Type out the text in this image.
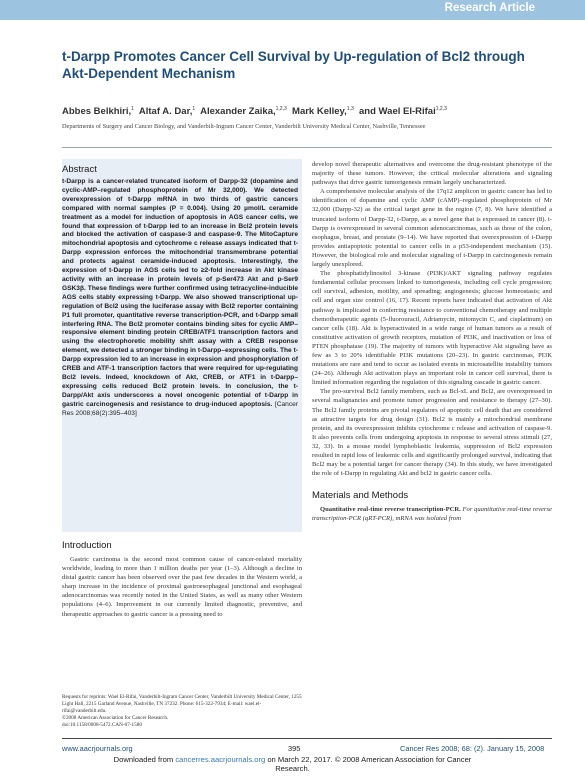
Research Article
t-Darpp Promotes Cancer Cell Survival by Up-regulation of Bcl2 through Akt-Dependent Mechanism
Abbes Belkhiri,$^1$ Altaf A. Dar,$^1$ Alexander Zaika,$^{1,2,3}$ Mark Kelley,$^{1,3}$ and Wael El-Rifai$^{1,2,3}$
Departments of Surgery and Cancer Biology, and Vanderbilt-Ingram Cancer Center, Vanderbilt University Medical Center, Nashville, Tennessee
Abstract
t-Darpp is a cancer-related truncated isoform of Darpp-32 (dopamine and cyclic-AMP–regulated phosphoprotein of Mr 32,000). We detected overexpression of t-Darpp mRNA in two thirds of gastric cancers compared with normal samples (P = 0.004). Using 20 µmol/L ceramide treatment as a model for induction of apoptosis in AGS cancer cells, we found that expression of t-Darpp led to an increase in Bcl2 protein levels and blocked the activation of caspase-3 and caspase-9. The MitoCapture mitochondrial apoptosis and cytochrome c release assays indicated that t-Darpp expression enforces the mitochondrial transmembrane potential and protects against ceramide-induced apoptosis. Interestingly, the expression of t-Darpp in AGS cells led to ≥2-fold increase in Akt kinase activity with an increase in protein levels of p-Ser473 Akt and p-Ser9 GSK3β. These findings were further confirmed using tetracycline-inducible AGS cells stably expressing t-Darpp. We also showed transcriptional up-regulation of Bcl2 using the luciferase assay with Bcl2 reporter containing P1 full promoter, quantitative reverse transcription-PCR, and t-Darpp small interfering RNA. The Bcl2 promoter contains binding sites for cyclic AMP–responsive element binding protein CREB/ATF1 transcription factors and using the electrophoretic mobility shift assay with a CREB response element, we detected a stronger binding in t-Darpp–expressing cells. The t-Darpp expression led to an increase in expression and phosphorylation of CREB and ATF-1 transcription factors that were required for up-regulating Bcl2 levels. Indeed, knockdown of Akt, CREB, or ATF1 in t-Darpp–expressing cells reduced Bcl2 protein levels. In conclusion, the t-Darpp/Akt axis underscores a novel oncogenic potential of t-Darpp in gastric carcinogenesis and resistance to drug-induced apoptosis. [Cancer Res 2008;68(2):395–403]
Introduction

Gastric carcinoma is the second most common cause of cancer-related mortality worldwide, leading to more than 1 million deaths per year (1–3). Although a decline in distal gastric cancer has been observed over the past few decades in the Western world, a sharp increase in the incidence of proximal gastroesophageal junctional and esophageal adenocarcinomas was recently noted in the United States, as well as many other Western populations (4–6). Improvement in our currently limited diagnostic, preventive, and therapeutic approaches to gastric cancer is a pressing need to

Requests for reprints: Wael El-Rifai, Vanderbilt-Ingram Cancer Center, Vanderbilt University Medical Center, 1255 Light Hall, 2215 Garland Avenue, Nashville, TN 37232. Phone: 615-322-7934; E-mail: wael.el-rifai@vanderbilt.edu.
©2008 American Association for Cancer Research.
doi:10.1158/0008-5472.CAN-07-1580

develop novel therapeutic alternatives and overcome the drug-resistant phenotype of the majority of these tumors. However, the critical molecular alterations and signaling pathways that drive gastric tumorigenesis remain largely uncharacterized.

A comprehensive molecular analysis of the 17q12 amplicon in gastric cancer has led to identification of dopamine and cyclic AMP (cAMP)–regulated phosphoprotein of Mr 32,000 (Darpp-32) as the critical target gene in the region (7, 8). We have identified a truncated isoform of Darpp-32, t-Darpp, as a novel gene that is expressed in cancer (8). t-Darpp is overexpressed in several common adenocarcinomas, such as those of the colon, esophagus, breast, and prostate (9–14). We have reported that overexpression of t-Darpp provides antiapoptotic potential to cancer cells in a p53-independent mechanism (15). However, the biological role and molecular signaling of t-Darpp in carcinogenesis remain largely unexplored.

The phosphatidylinositol 3-kinase (PI3K)/AKT signaling pathway regulates fundamental cellular processes linked to tumorigenesis, including cell cycle progression; cell survival, adhesion, motility, and spreading; angiogenesis; glucose homeostasis; and cell and organ size control (16, 17). Recent reports have indicated that activation of Akt pathway is implicated in conferring resistance to conventional chemotherapy and multiple chemotherapeutic agents (5-fluorouracil, Adriamycin, mitomycin C, and cisplatinum) on cancer cells (18). Akt is hyperactivated in a wide range of human tumors as a result of constitutive activation of growth receptors, mutation of PI3K, and inactivation or loss of PTEN phosphatase (19). The majority of tumors with hyperactive Akt signaling have as few as 3 to 20% identifiable PI3K mutations (20–23). In gastric carcinomas, PI3K mutations are rare and tend to occur as isolated events in microsatellite instability tumors (24–26). Although Akt activation plays an important role in cancer cell survival, there is limited information regarding the regulation of this signaling cascade in gastric cancer.

The pro-survival Bcl2 family members, such as Bcl-xL and Bcl2, are overexpressed in several malignancies and promote tumor progression and resistance to therapy (27–30). The Bcl2 family proteins are pivotal regulators of apoptotic cell death that are considered as attractive targets for drug design (31). Bcl2 is mainly a mitochondrial membrane protein, and its overexpression inhibits cytochrome c release and activation of caspase-9. It also prevents cells from undergoing apoptosis in response to several stress stimuli (27, 32, 33). In a mouse model lymphoblastic leukemia, suppression of Bcl2 expression resulted in rapid loss of leukemic cells and significantly prolonged survival, indicating that Bcl2 may be a potential target for cancer therapy (34). In this study, we have investigated the role of t-Darpp in regulating Akt and bcl2 in gastric cancer cells.

Materials and Methods

Quantitative real-time reverse transcription-PCR. For quantitative real-time reverse transcription-PCR (qRT-PCR), mRNA was isolated from

www.aacrjournals.org	395	Cancer Res 2008; 68: (2). January 15, 2008
Downloaded from cancerres.aacrjournals.org on March 22, 2017. © 2008 American Association for Cancer
Research.
